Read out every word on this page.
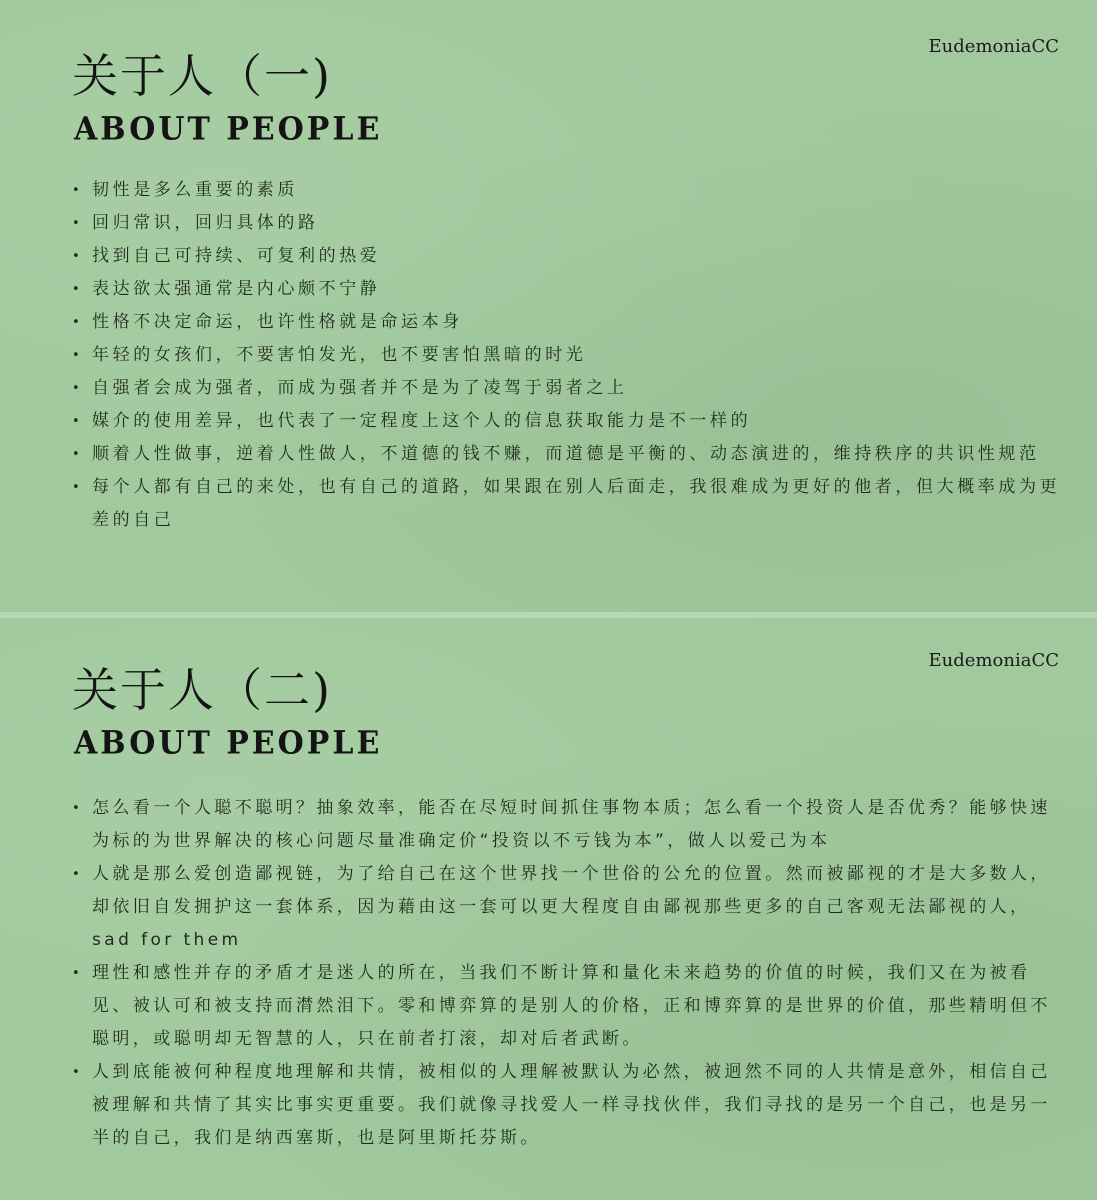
EudemoniaCC
关于人（一)
ABOUT PEOPLE
• 韧性是多么重要的素质
• 回归常识，回归具体的路
• 找到自己可持续、可复利的热爱
• 表达欲太强通常是内心颇不宁静
• 性格不决定命运，也许性格就是命运本身
• 年轻的女孩们，不要害怕发光，也不要害怕黑暗的时光
• 自强者会成为强者，而成为强者并不是为了凌驾于弱者之上
• 媒介的使用差异，也代表了一定程度上这个人的信息获取能力是不一样的
• 顺着人性做事，逆着人性做人，不道德的钱不赚，而道德是平衡的、动态演进的，维持秩序的共识性规范
• 每个人都有自己的来处，也有自己的道路，如果跟在别人后面走，我很难成为更好的他者，但大概率成为更差的自己
EudemoniaCC
关于人（二)
ABOUT PEOPLE
• 怎么看一个人聪不聪明？抽象效率，能否在尽短时间抓住事物本质；怎么看一个投资人是否优秀？能够快速为标的为世界解决的核心问题尽量准确定价“投资以不亏钱为本”，做人以爱己为本
• 人就是那么爱创造鄙视链，为了给自己在这个世界找一个世俗的公允的位置。然而被鄙视的才是大多数人，却依旧自发拥护这一套体系，因为藉由这一套可以更大程度自由鄙视那些更多的自己客观无法鄙视的人，sad for them
• 理性和感性并存的矛盾才是迷人的所在，当我们不断计算和量化未来趋势的价值的时候，我们又在为被看见、被认可和被支持而潸然泪下。零和博弈算的是别人的价格，正和博弈算的是世界的价值，那些精明但不聪明，或聪明却无智慧的人，只在前者打滚，却对后者武断。
• 人到底能被何种程度地理解和共情，被相似的人理解被默认为必然，被迥然不同的人共情是意外，相信自己被理解和共情了其实比事实更重要。我们就像寻找爱人一样寻找伙伴，我们寻找的是另一个自己，也是另一半的自己，我们是纳西塞斯，也是阿里斯托芬斯。
